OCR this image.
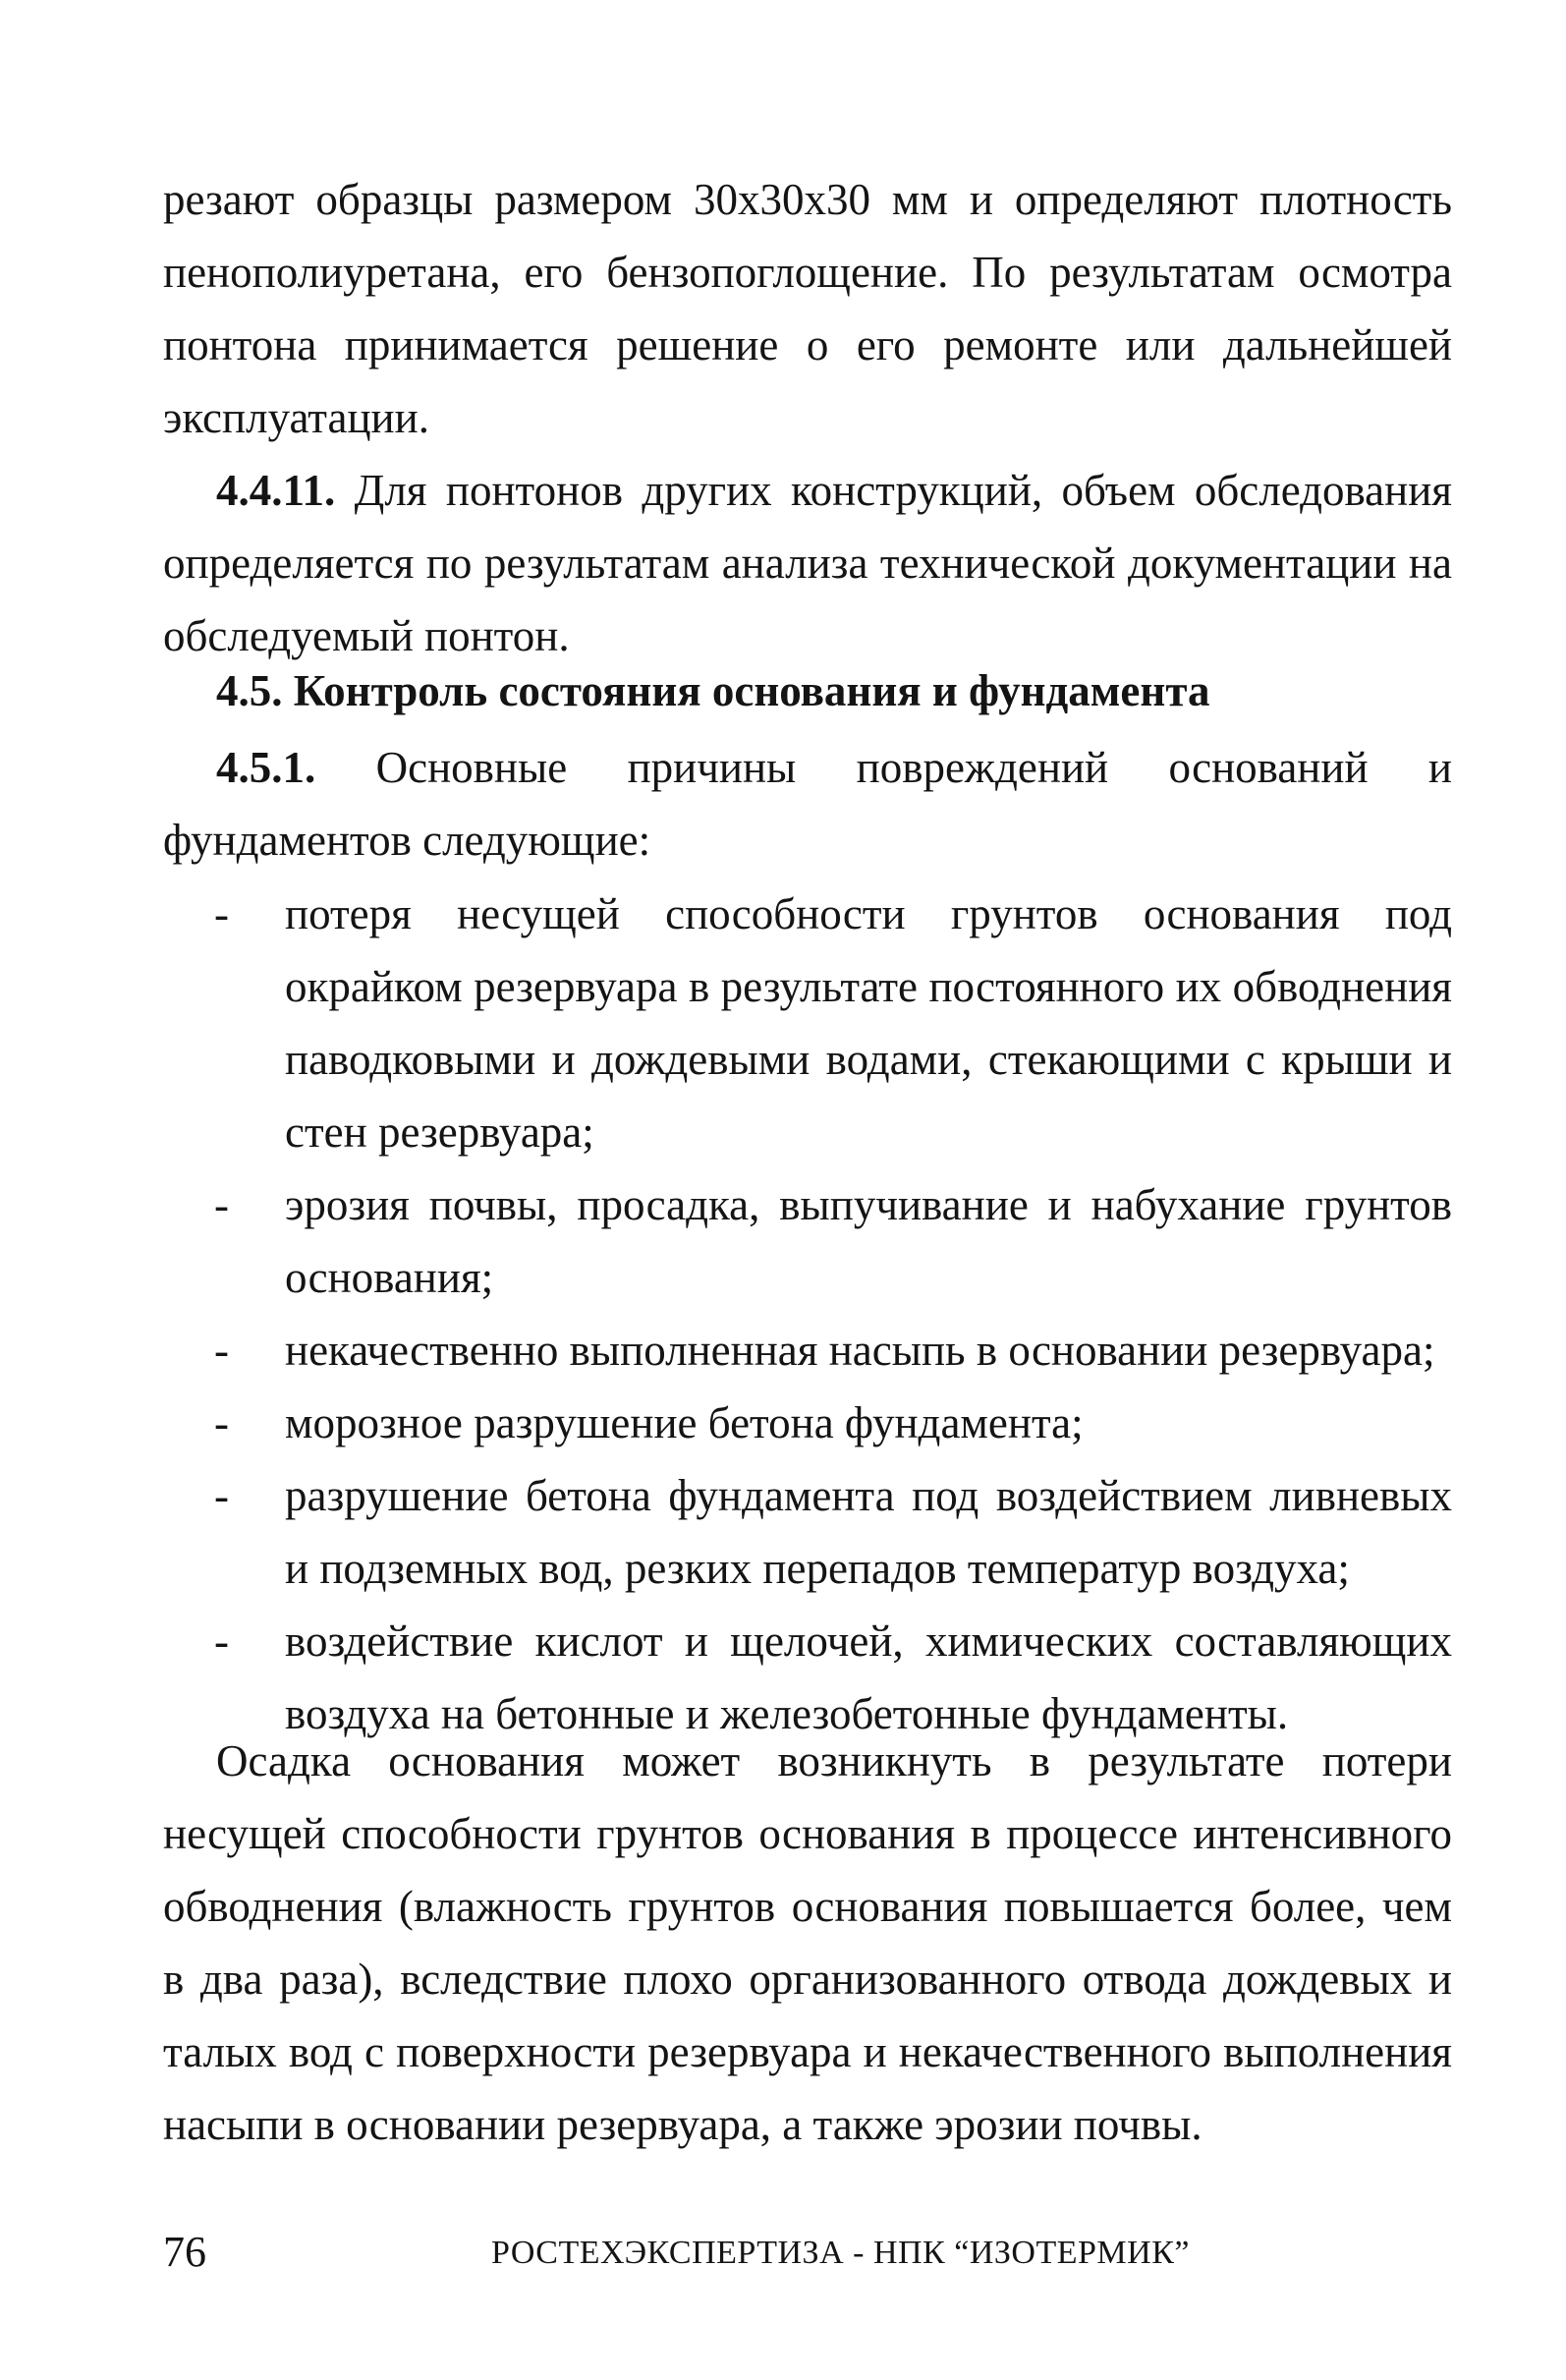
резают образцы размером 30х30х30 мм и определяют плотность пенополиуретана, его бензопоглощение. По результатам осмотра понтона принимается решение о его ремонте или дальнейшей эксплуатации.

4.4.11. Для понтонов других конструкций, объем обследования определяется по результатам анализа технической документации на обследуемый понтон.

4.5. Контроль состояния основания и фундамента

4.5.1. Основные причины повреждений оснований и фундаментов следующие:

- потеря несущей способности грунтов основания под окрайком резервуара в результате постоянного их обводнения паводковыми и дождевыми водами, стекающими с крыши и стен резервуара;
- эрозия почвы, просадка, выпучивание и набухание грунтов основания;
- некачественно выполненная насыпь в основании резервуара;
- морозное разрушение бетона фундамента;
- разрушение бетона фундамента под воздействием ливневых и подземных вод, резких перепадов температур воздуха;
- воздействие кислот и щелочей, химических составляющих воздуха на бетонные и железобетонные фундаменты.

Осадка основания может возникнуть в результате потери несущей способности грунтов основания в процессе интенсивного обводнения (влажность грунтов основания повышается более, чем в два раза), вследствие плохо организованного отвода дождевых и талых вод с поверхности резервуара и некачественного выполнения насыпи в основании резервуара, а также эрозии почвы.

76	РОСТЕХЭКСПЕРТИЗА - НПК “ИЗОТЕРМИК”
